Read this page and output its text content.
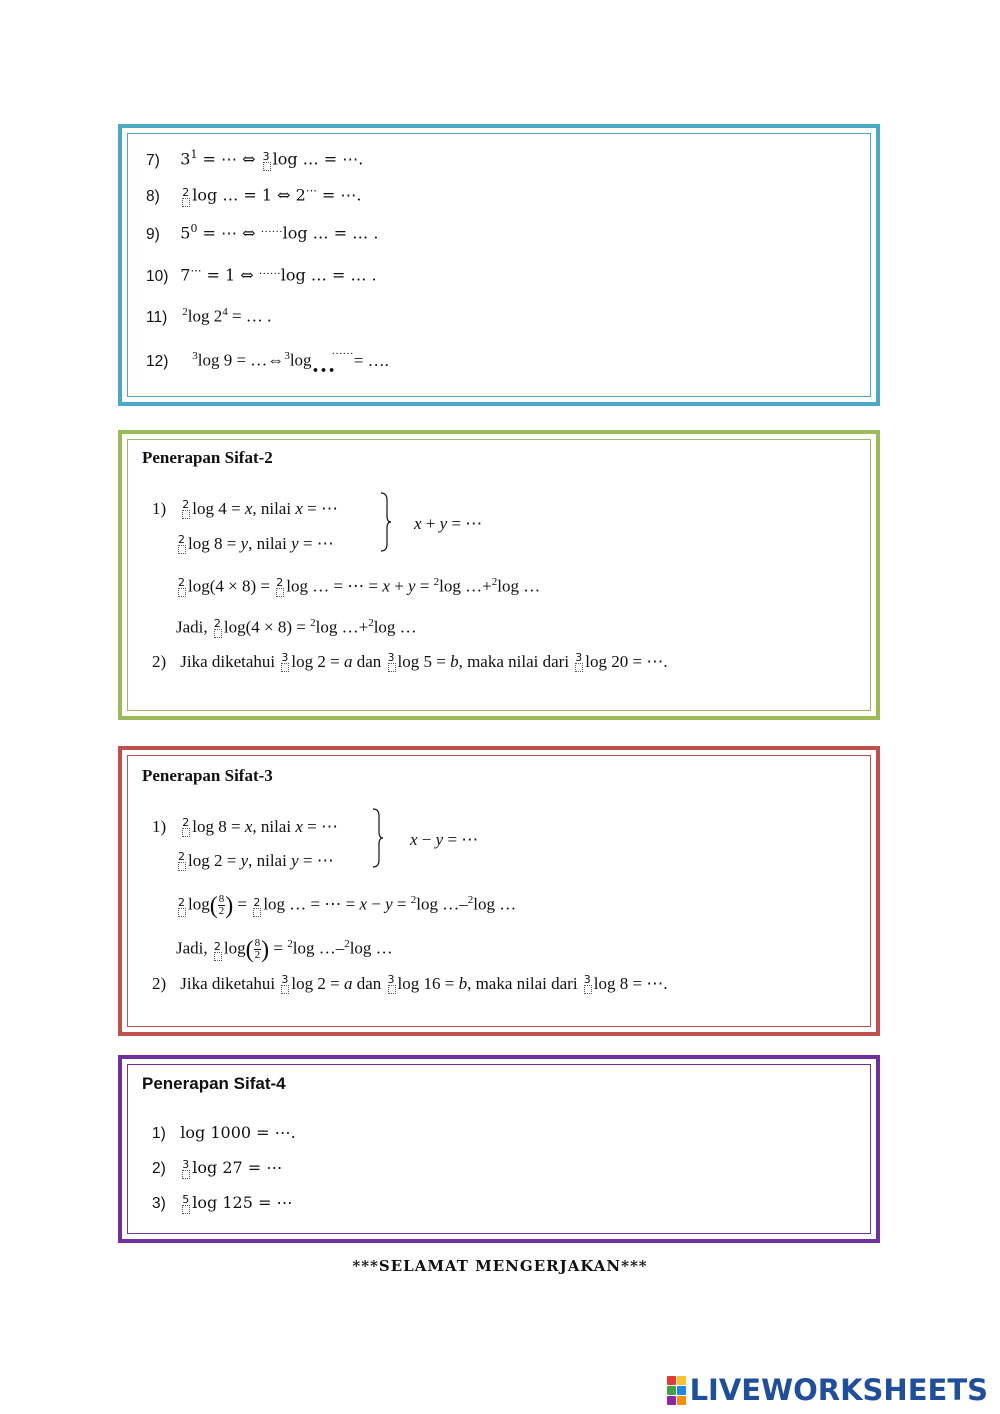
7) $3^1$ = ⋯ ⇔ 3 log … = ⋯.
8) 2 log … = 1 ⇔ 2⋯ = ⋯.
9) $5^0$ = ⋯ ⇔ ……log … = … .
10) 7⋯ = 1 ⇔ ……log … = … .
11) $^2$log $2^4$ = … .
12) $^3$log 9 = …⇔$^3$log…
……
= ….
Penerapan Sifat-2
1) 2 log 4 = x, nilai x = ⋯
2 log 8 = y, nilai y = ⋯
x + y = ⋯
2 log(4 × 8) = 2 log … = ⋯ = x + y = $^2$log …+$^2$log …
Jadi, 2 log(4 × 8) = $^2$log …+$^2$log …
2) Jika diketahui 3 log 2 = a dan 3 log 5 = b, maka nilai dari 3 log 20 = ⋯.
Penerapan Sifat-3
1) 2 log 8 = x, nilai x = ⋯
2 log 2 = y, nilai y = ⋯
x − y = ⋯
2 $\log( \frac{8}{2}$ ) = 2 log … = ⋯ = x − y = $^2$log …–$^2$log …
Jadi, 2 $\log( \frac{8}{2}$ ) = $^2$log …–$^2$log …
2) Jika diketahui 3 log 2 = a dan 3 log 16 = b, maka nilai dari 3 log 8 = ⋯.
Penerapan Sifat-4
1) log 1000 = ⋯.
2) 3 log 27 = ⋯
3) 5 log 125 = ⋯
***SELAMAT MENGERJAKAN***
LIVEWORKSHEETS
